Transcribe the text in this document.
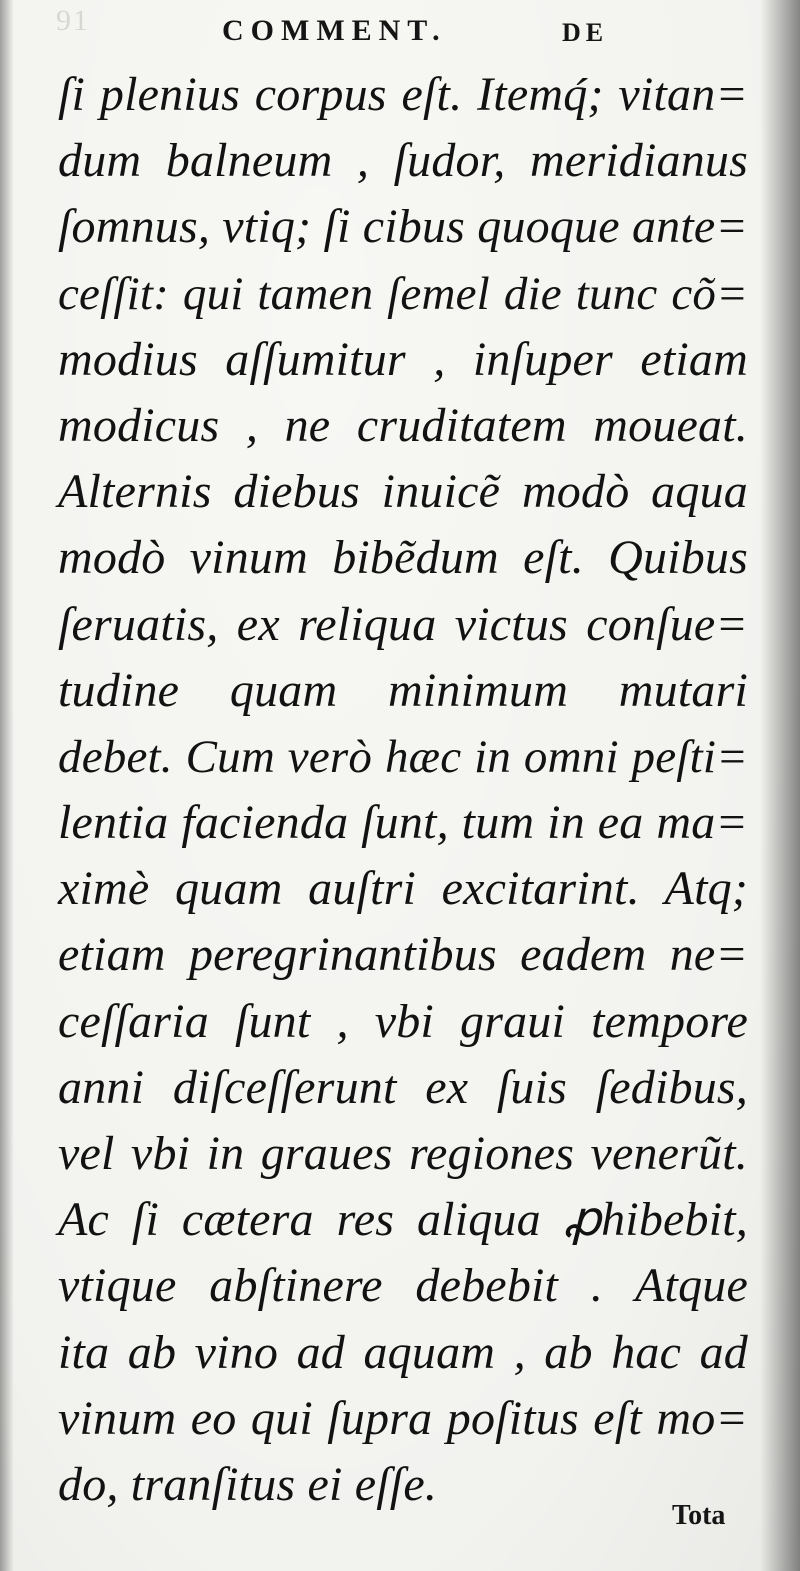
91	COMMENT.	DE
ſi plenius corpus eſt. Itemq́; vitan=
dum balneum , ſudor, meridianus
ſomnus, vtiq; ſi cibus quoque ante=
ceſſit: qui tamen ſemel die tunc cõ=
modius aſſumitur , inſuper etiam
modicus , ne cruditatem moueat.
Alternis diebus inuicẽ modò aqua
modò vinum bibẽdum eſt. Quibus
ſeruatis, ex reliqua victus conſue=
tudine quam minimum mutari
debet. Cum verò hæc in omni peſti=
lentia facienda ſunt, tum in ea ma=
ximè quam auſtri excitarint. Atq;
etiam peregrinantibus eadem ne=
ceſſaria ſunt , vbi graui tempore
anni diſceſſerunt ex ſuis ſedibus,
vel vbi in graues regiones venerũt.
Ac ſi cætera res aliqua ꝓhibebit,
vtique abſtinere debebit . Atque
ita ab vino ad aquam , ab hac ad
vinum eo qui ſupra poſitus eſt mo=
do, tranſitus ei eſſe.
Tota
